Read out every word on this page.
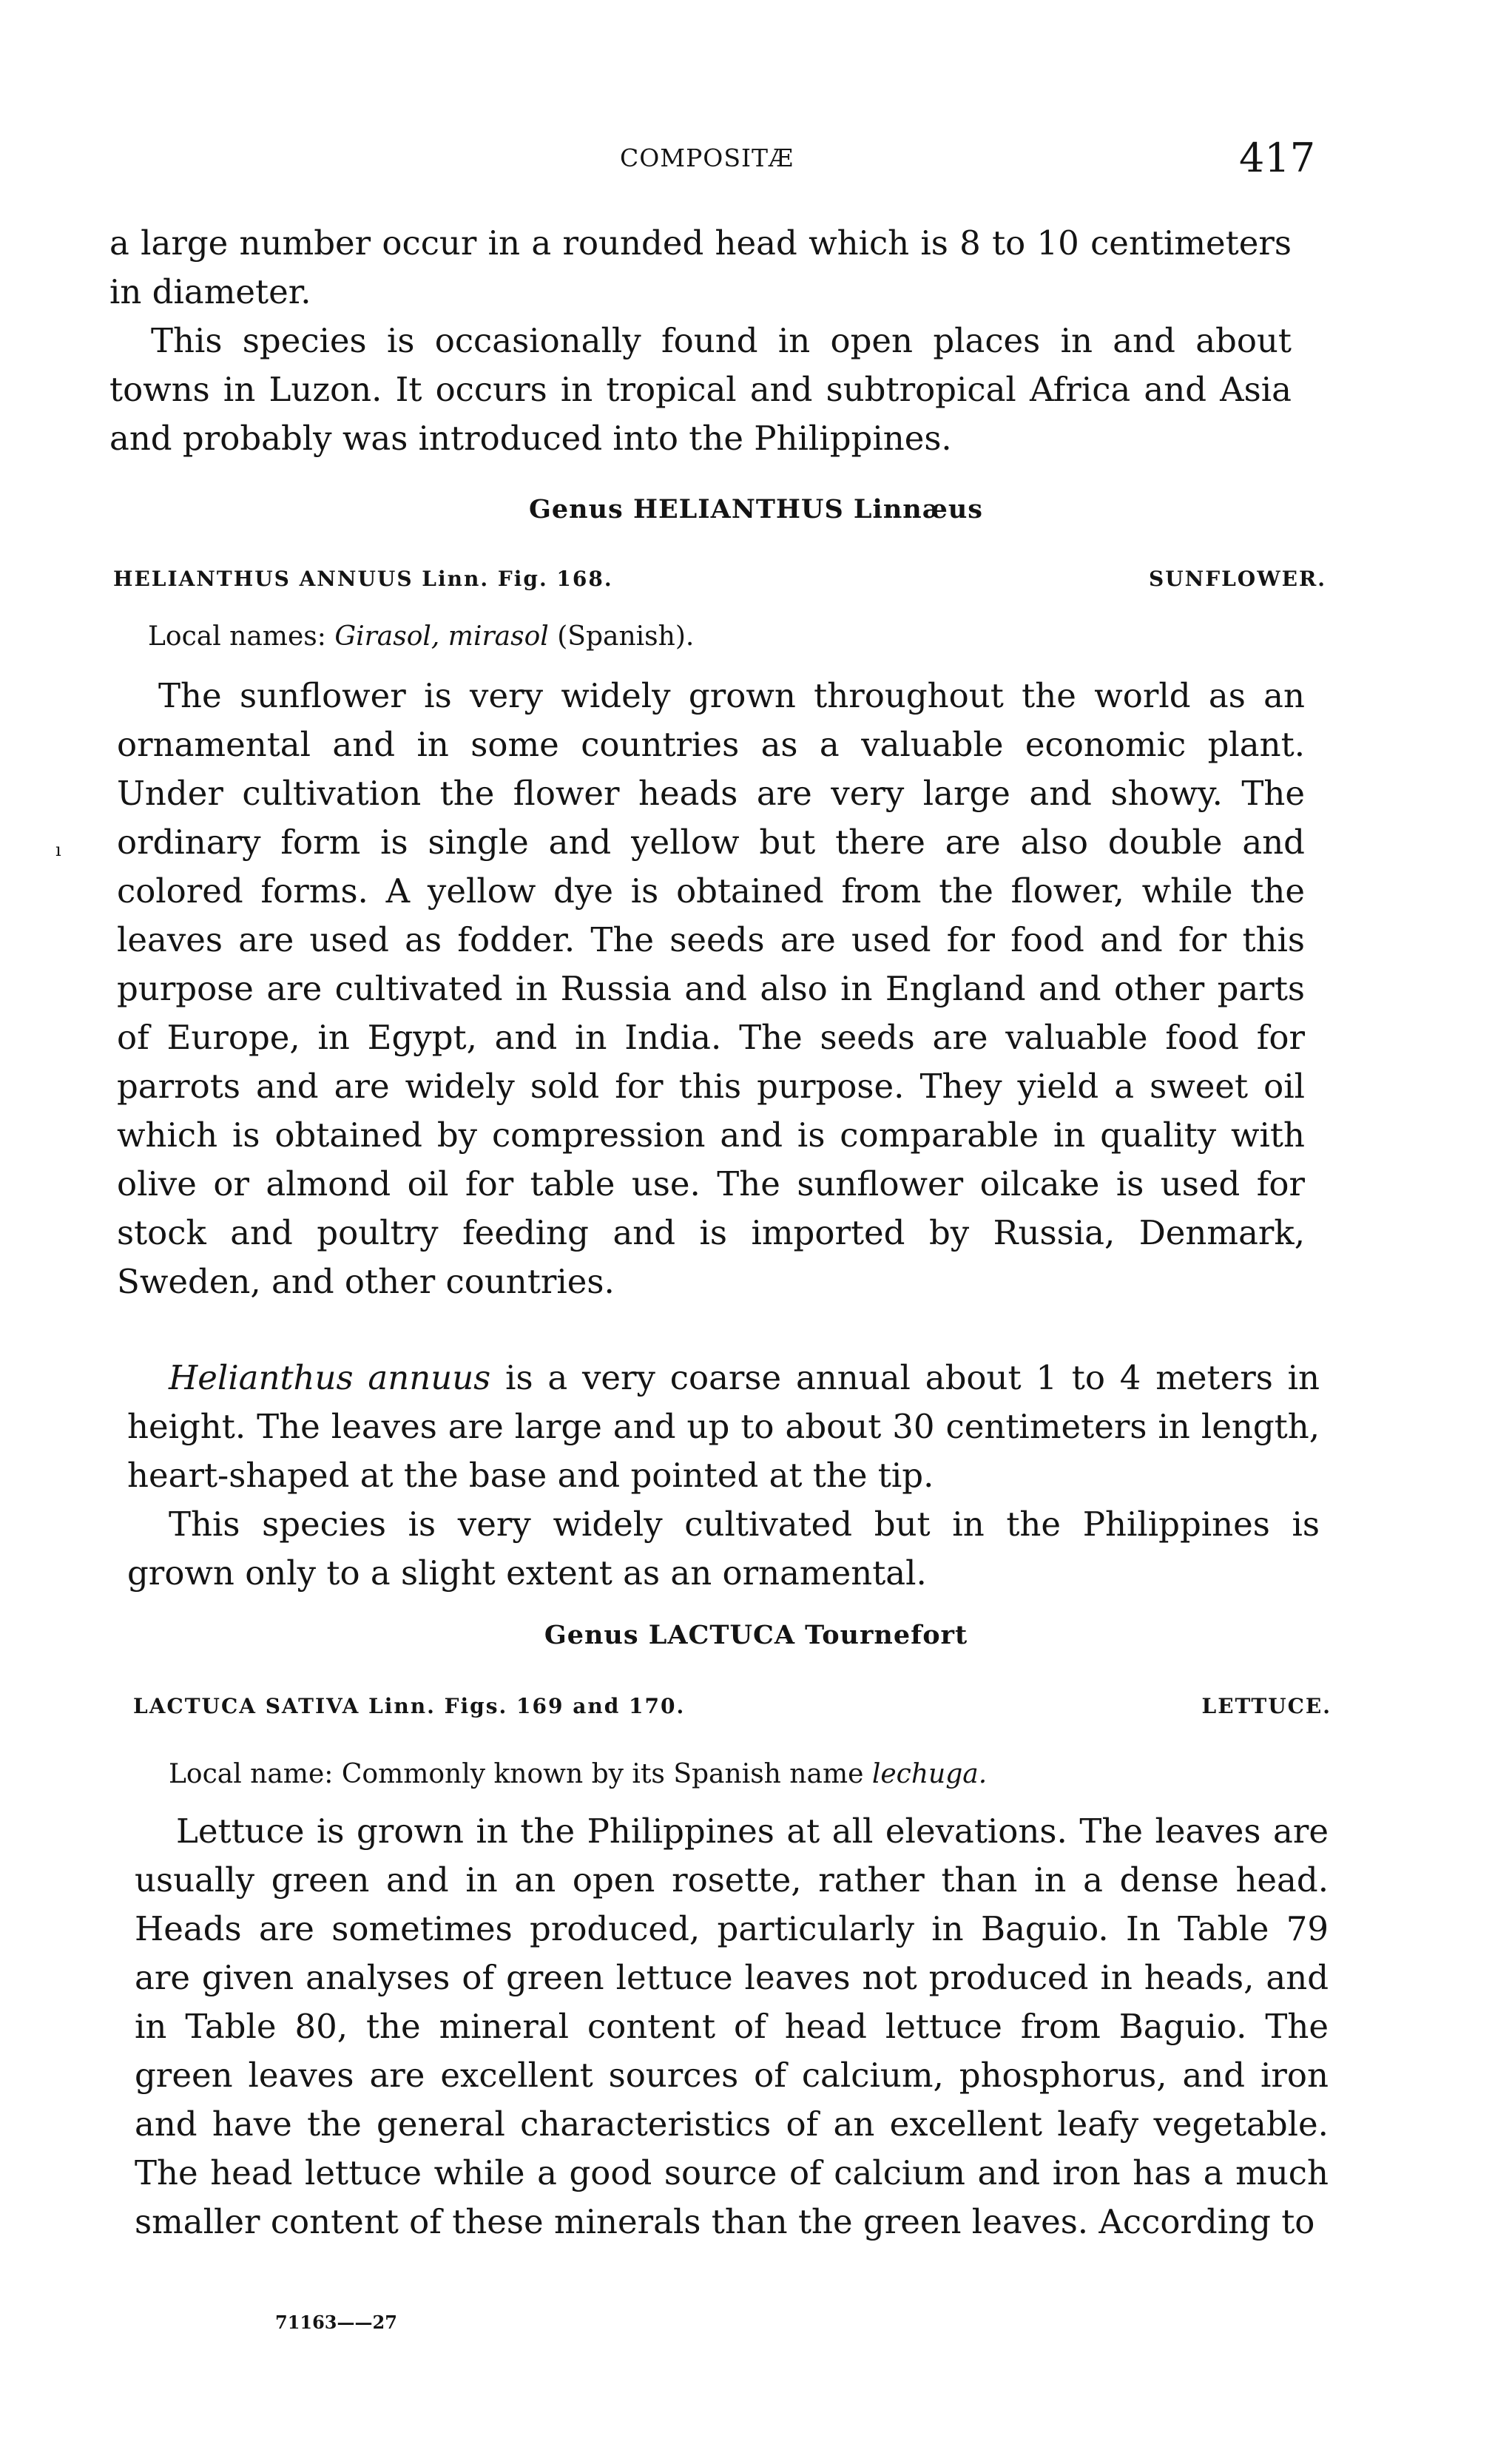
COMPOSITÆ	417

a large number occur in a rounded head which is 8 to 10 centimeters in diameter.

This species is occasionally found in open places in and about towns in Luzon. It occurs in tropical and subtropical Africa and Asia and probably was introduced into the Philippines.

Genus HELIANTHUS Linnæus
HELIANTHUS ANNUUS Linn. Fig. 168.	SUNFLOWER.
Local names: Girasol, mirasol (Spanish).
ı

The sunflower is very widely grown throughout the world as an ornamental and in some countries as a valuable economic plant. Under cultivation the flower heads are very large and showy. The ordinary form is single and yellow but there are also double and colored forms. A yellow dye is obtained from the flower, while the leaves are used as fodder. The seeds are used for food and for this purpose are cultivated in Russia and also in England and other parts of Europe, in Egypt, and in India. The seeds are valuable food for parrots and are widely sold for this purpose. They yield a sweet oil which is obtained by compression and is comparable in quality with olive or almond oil for table use. The sunflower oilcake is used for stock and poultry feeding and is imported by Russia, Denmark, Sweden, and other countries.

Helianthus annuus is a very coarse annual about 1 to 4 meters in height. The leaves are large and up to about 30 centimeters in length, heart-shaped at the base and pointed at the tip.

This species is very widely cultivated but in the Philippines is grown only to a slight extent as an ornamental.

Genus LACTUCA Tournefort
LACTUCA SATIVA Linn. Figs. 169 and 170.	LETTUCE.
Local name: Commonly known by its Spanish name lechuga.

Lettuce is grown in the Philippines at all elevations. The leaves are usually green and in an open rosette, rather than in a dense head. Heads are sometimes produced, particularly in Baguio. In Table 79 are given analyses of green lettuce leaves not produced in heads, and in Table 80, the mineral content of head lettuce from Baguio. The green leaves are excellent sources of calcium, phosphorus, and iron and have the general characteristics of an excellent leafy vegetable. The head lettuce while a good source of calcium and iron has a much smaller content of these minerals than the green leaves. According to

71163——27
